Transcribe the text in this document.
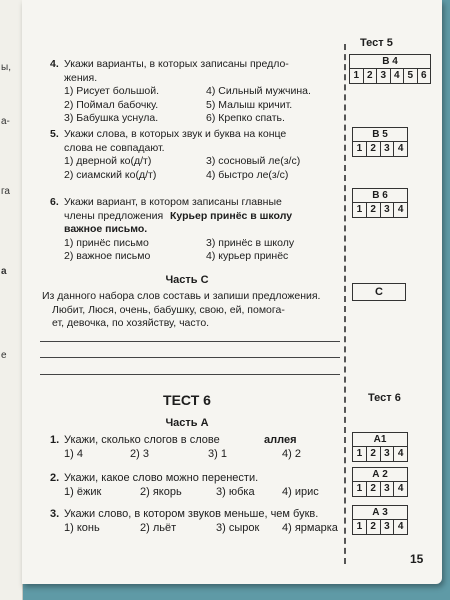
ы,
а-
га
а
е
4. Укажи варианты, в которых записаны предло-
жения.
1) Рисует большой.	4) Сильный мужчина.
2) Поймал бабочку.	5) Малыш кричит.
3) Бабушка уснула.	6) Крепко спать.
5. Укажи слова, в которых звук и буква на конце
слова не совпадают.
1) дверной ко(д/т)	3) сосновый ле(з/с)
2) сиамский ко(д/т)	4) быстро ле(з/с)
6. Укажи вариант, в котором записаны главные
члены предложения Курьер принёс в школу
важное письмо.
1) принёс письмо	3) принёс в школу
2) важное письмо	4) курьер принёс
Часть С
Из данного набора слов составь и запиши предложения.
Любит, Люся, очень, бабушку, свою, ей, помога-
ет, девочка, по хозяйству, часто.
ТЕСТ 6
Часть А
1. Укажи, сколько слогов в слове	аллея
1) 4	2) 3	3) 1	4) 2
2. Укажи, какое слово можно перенести.
1) ёжик	2) якорь	3) юбка 4) ирис
3. Укажи слово, в котором звуков меньше, чем букв.
1) конь	2) льёт	3) сырок 4) ярмарка
Тест 5
В 4
1 2 3 4 5 6
В 5
1 2 3 4
В 6
1 2 3 4
С
Тест 6
А1
1 2 3 4
А 2
1 2 3 4
А 3
1 2 3 4
15
